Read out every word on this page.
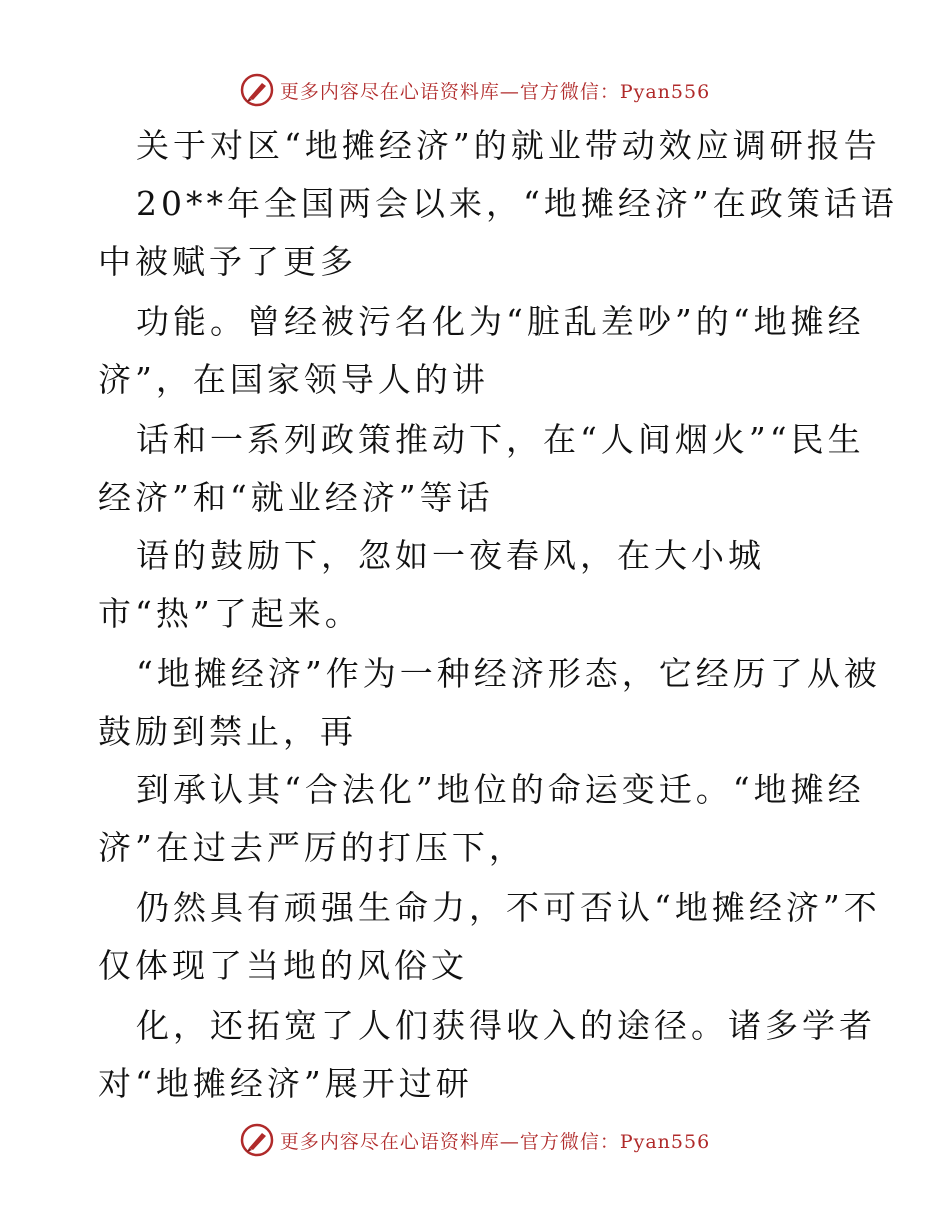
更多内容尽在心语资料库—官方微信：Pyan556
关于对区“地摊经济”的就业带动效应调研报告
20**年全国两会以来，“地摊经济”在政策话语
中被赋予了更多
功能。曾经被污名化为“脏乱差吵”的“地摊经
济”，在国家领导人的讲
话和一系列政策推动下，在“人间烟火”“民生
经济”和“就业经济”等话
语的鼓励下，忽如一夜春风，在大小城
市“热”了起来。
“地摊经济”作为一种经济形态，它经历了从被
鼓励到禁止，再
到承认其“合法化”地位的命运变迁。“地摊经
济”在过去严厉的打压下，
仍然具有顽强生命力，不可否认“地摊经济”不
仅体现了当地的风俗文
化，还拓宽了人们获得收入的途径。诸多学者
对“地摊经济”展开过研
更多内容尽在心语资料库—官方微信：Pyan556
